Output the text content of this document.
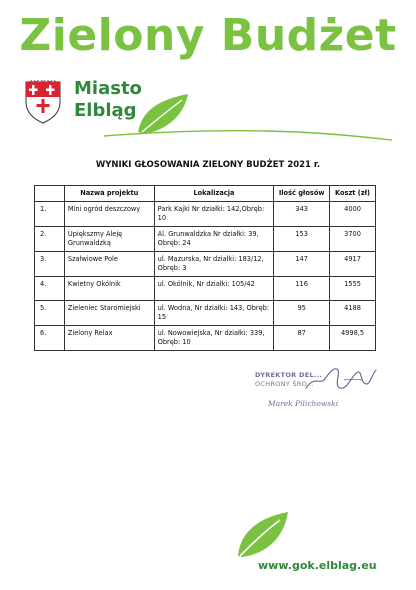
Zielony Budżet
Miasto
Elbląg
WYNIKI GŁOSOWANIA ZIELONY BUDŻET 2021 r.
	Nazwa projektu	Lokalizacja	Ilość głosów	Koszt (zł)
1.	Mini ogród deszczowy	Park Kajki Nr działki: 142,Obręb: 10	343	4000
2.	Upiększmy Aleję Grunwaldzką	Al. Grunwaldzka Nr działki: 39, Obręb: 24	153	3700
3.	Szałwiowe Pole	ul. Mazurska, Nr działki: 183/12, Obręb: 3	147	4917
4.	Kwietny Okólnik	ul. Okólnik, Nr działki: 105/42	116	1555
5.	Zieleniec Staromiejski	ul. Wodna, Nr działki: 143, Obręb: 15	95	4188
6.	Zielony Relax	ul. Nowowiejska, Nr działki: 339, Obręb: 10	87	4998,5
DYREKTOR DEL...
OCHRONY ŚRO...
Marek Pilichowski
www.gok.elblag.eu
